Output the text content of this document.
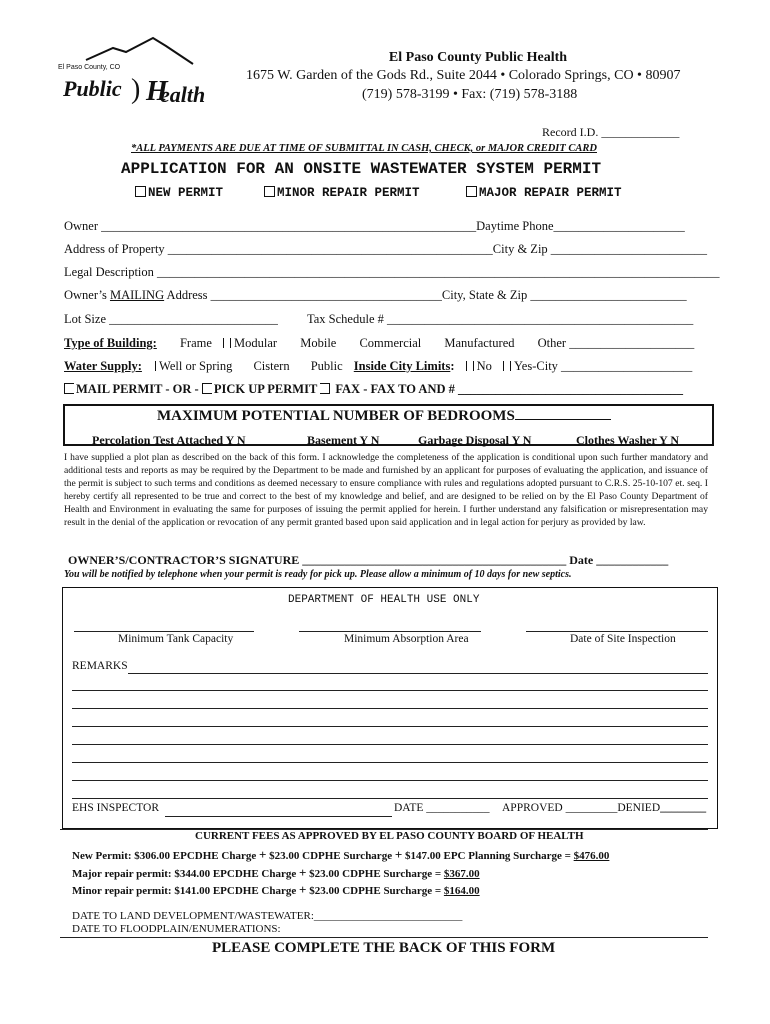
El Paso County, CO
Public ) H
ealth
El Paso County Public Health
1675 W. Garden of the Gods Rd., Suite 2044 • Colorado Springs, CO • 80907
(719) 578-3199 • Fax: (719) 578-3188
Record I.D. _____________
*ALL PAYMENTS ARE DUE AT TIME OF SUBMITTAL IN CASH, CHECK, or MAJOR CREDIT CARD
APPLICATION FOR AN ONSITE WASTEWATER SYSTEM PERMIT
NEW PERMIT	MINOR REPAIR PERMIT	MAJOR REPAIR PERMIT
Owner ____________________________________________________________Daytime Phone_____________________
Address of Property ____________________________________________________City & Zip _________________________
Legal Description __________________________________________________________________________________________
Owner’s MAILING Address _____________________________________City, State & Zip _________________________
Lot Size ___________________________ Tax Schedule # _________________________________________________
Type of Building: Frame Modular Mobile Commercial Manufactured Other ____________________
Water Supply: Well or Spring Cistern Public Inside City Limits: No Yes-City _____________________
MAIL PERMIT - OR - PICK UP PERMIT  FAX - FAX TO AND # ____________________________________
MAXIMUM POTENTIAL NUMBER OF BEDROOMS
Percolation Test Attached Y N	Basement Y N	Garbage Disposal Y N	Clothes Washer Y N
I have supplied a plot plan as described on the back of this form. I acknowledge the completeness of the application is conditional upon such further mandatory and additional tests and reports as may be required by the Department to be made and furnished by an applicant for purposes of evaluating the application, and issuance of the permit is subject to such terms and conditions as deemed necessary to ensure compliance with rules and regulations adopted pursuant to C.R.S. 25-10-107 et. seq. I hereby certify all represented to be true and correct to the best of my knowledge and belief, and are designed to be relied on by the El Paso County Department of Health and Environment in evaluating the same for purposes of issuing the permit applied for herein. I further understand any falsification or misrepresentation may result in the denial of the application or revocation of any permit granted based upon said application and in legal action for perjury as provided by law.
OWNER’S/CONTRACTOR’S SIGNATURE ____________________________________________ Date ____________
You will be notified by telephone when your permit is ready for pick up. Please allow a minimum of 10 days for new septics.
DEPARTMENT OF HEALTH USE ONLY
Minimum Tank Capacity	Minimum Absorption Area	Date of Site Inspection
REMARKS
EHS INSPECTOR	DATE ___________ APPROVED _________DENIED________
CURRENT FEES AS APPROVED BY EL PASO COUNTY BOARD OF HEALTH
New Permit: $306.00 EPCDHE Charge + $23.00 CDPHE Surcharge + $147.00 EPC Planning Surcharge = $476.00
Major repair permit: $344.00 EPCDHE Charge + $23.00 CDPHE Surcharge = $367.00
Minor repair permit: $141.00 EPCDHE Charge + $23.00 CDPHE Surcharge = $164.00
DATE TO LAND DEVELOPMENT/WASTEWATER:___________________________
DATE TO FLOODPLAIN/ENUMERATIONS:
PLEASE COMPLETE THE BACK OF THIS FORM
